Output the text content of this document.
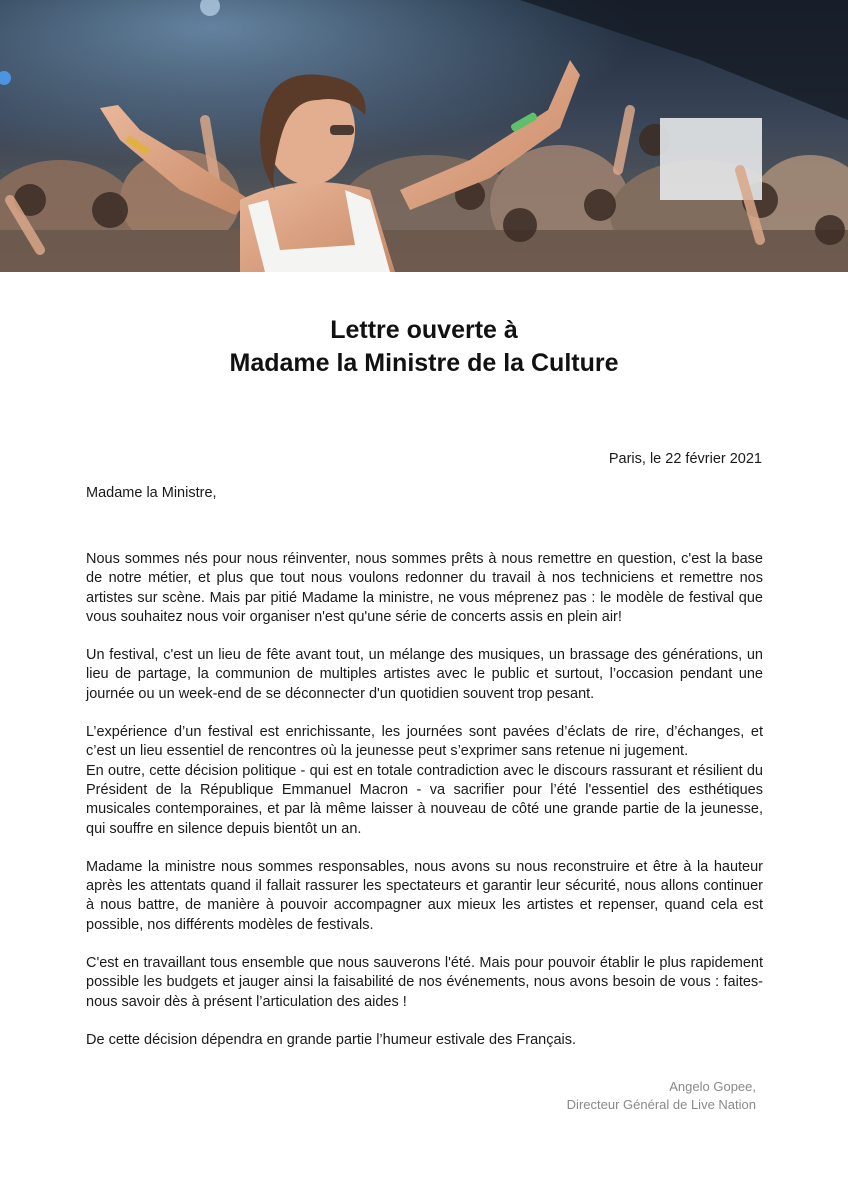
Lettre ouverte à
Madame la Ministre de la Culture
Paris, le 22 février 2021
Madame la Ministre,

Nous sommes nés pour nous réinventer, nous sommes prêts à nous remettre en question, c'est la base de notre métier, et plus que tout nous voulons redonner du travail à nos techniciens et remettre nos artistes sur scène. Mais par pitié Madame la ministre, ne vous méprenez pas : le modèle de festival que vous souhaitez nous voir organiser n'est qu'une série de concerts assis en plein air!

Un festival, c'est un lieu de fête avant tout, un mélange des musiques, un brassage des générations, un lieu de partage, la communion de multiples artistes avec le public et surtout, l’occasion pendant une journée ou un week-end de se déconnecter d'un quotidien souvent trop pesant.

L’expérience d’un festival est enrichissante, les journées sont pavées d’éclats de rire, d’échanges, et c’est un lieu essentiel de rencontres où la jeunesse peut s’exprimer sans retenue ni jugement.

En outre, cette décision politique - qui est en totale contradiction avec le discours rassurant et résilient du Président de la République Emmanuel Macron - va sacrifier pour l’été l'essentiel des esthétiques musicales contemporaines, et par là même laisser à nouveau de côté une grande partie de la jeunesse, qui souffre en silence depuis bientôt un an.

Madame la ministre nous sommes responsables, nous avons su nous reconstruire et être à la hauteur après les attentats quand il fallait rassurer les spectateurs et garantir leur sécurité, nous allons continuer à nous battre, de manière à pouvoir accompagner aux mieux les artistes et repenser, quand cela est possible, nos différents modèles de festivals.

C'est en travaillant tous ensemble que nous sauverons l'été. Mais pour pouvoir établir le plus rapidement possible les budgets et jauger ainsi la faisabilité de nos événements, nous avons besoin de vous : faites-nous savoir dès à présent l’articulation des aides !

De cette décision dépendra en grande partie l’humeur estivale des Français.

Angelo Gopee,
Directeur Général de Live Nation
